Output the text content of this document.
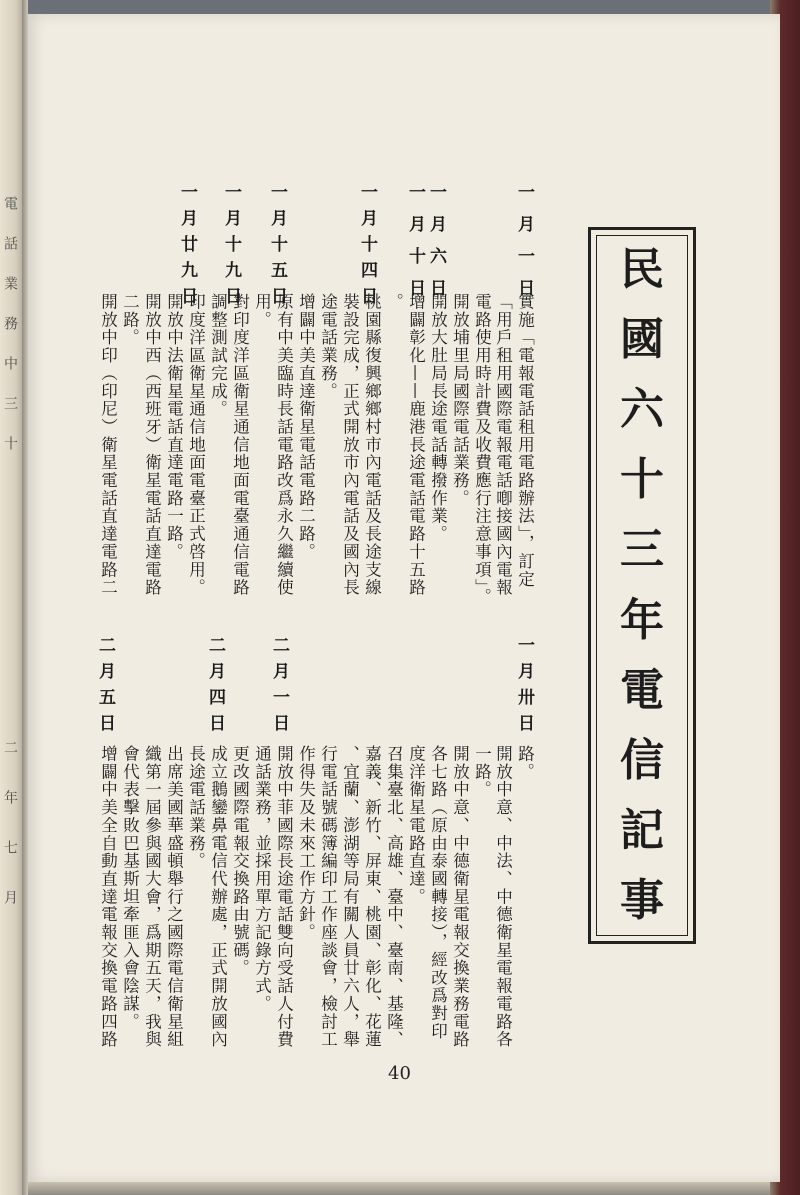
電
話
業
務
中
三
十
二
年
七
月
民
國
六
十
三
年
電
信
記
事
一月一日
一月六日
一月十日
一月十四日
一月十五日
一月十九日
一月廿九日
實施「電報電話租用電路辦法」，訂定
「用戶租用國際電報電話喞接國內電報
電路使用時計費及收費應行注意事項」。
開放埔里局國際電話業務。
開放大肚局長途電話轉撥作業。
增闢彰化——鹿港長途電話電路十五路
。
桃園縣復興鄉鄉村市內電話及長途支線
裝設完成，正式開放市內電話及國內長
途電話業務。
增闢中美直達衛星電話電路二路。
原有中美臨時長話電路改爲永久繼續使
用。
對印度洋區衛星通信地面電臺通信電路
調整測試完成。
印度洋區衛星通信地面電臺正式啓用。
開放中法衛星電話直達電路一路。
開放中西（西班牙）衛星電話直達電路
二路。
開放中印（印尼）衛星電話直達電路二
一月卅日
二月一日
二月四日
二月五日
路。
開放中意、中法、中德衛星電報電路各
一路。
開放中意、中德衛星電報交換業務電路
各七路（原由泰國轉接），經改爲對印
度洋衛星電路直達。
召集臺北、高雄、臺中、臺南、基隆、
嘉義、新竹、屏東、桃園、彰化、花蓮
、宜蘭、澎湖等局有關人員廿六人，舉
行電話號碼簿編印工作座談會，檢討工
作得失及未來工作方針。
開放中菲國際長途電話雙向受話人付費
通話業務，並採用單方記錄方式。
更改國際電報交換路由號碼。
成立鵝鑾鼻電信代辦處，正式開放國內
長途電話業務。
出席美國華盛頓舉行之國際電信衛星組
織第一屆參與國大會，爲期五天，我與
會代表擊敗巴基斯坦牽匪入會陰謀。
增闢中美全自動直達電報交換電路四路
40
